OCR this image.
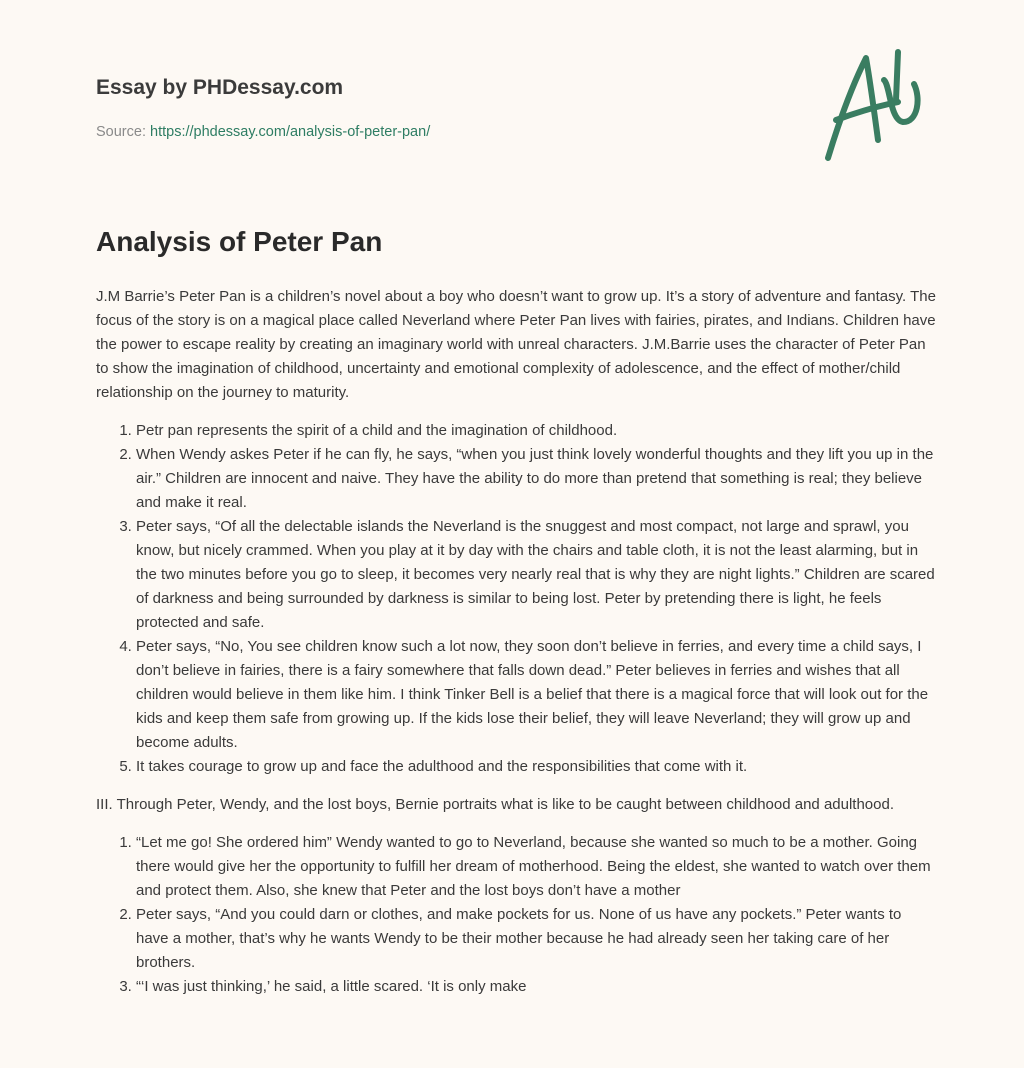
Essay by PHDessay.com
Source: https://phdessay.com/analysis-of-peter-pan/
Analysis of Peter Pan

J.M Barrie’s Peter Pan is a children’s novel about a boy who doesn’t want to grow up. It’s a story of adventure and fantasy. The focus of the story is on a magical place called Neverland where Peter Pan lives with fairies, pirates, and Indians. Children have the power to escape reality by creating an imaginary world with unreal characters. J.M.Barrie uses the character of Peter Pan to show the imagination of childhood, uncertainty and emotional complexity of adolescence, and the effect of mother/child relationship on the journey to maturity.

1. Petr pan represents the spirit of a child and the imagination of childhood.
2. When Wendy askes Peter if he can fly, he says, “when you just think lovely wonderful thoughts and they lift you up in the air.” Children are innocent and naive. They have the ability to do more than pretend that something is real; they believe and make it real.
3. Peter says, “Of all the delectable islands the Neverland is the snuggest and most compact, not large and sprawl, you know, but nicely crammed. When you play at it by day with the chairs and table cloth, it is not the least alarming, but in the two minutes before you go to sleep, it becomes very nearly real that is why they are night lights.” Children are scared of darkness and being surrounded by darkness is similar to being lost. Peter by pretending there is light, he feels protected and safe.
4. Peter says, “No, You see children know such a lot now, they soon don’t believe in ferries, and every time a child says, I don’t believe in fairies, there is a fairy somewhere that falls down dead.” Peter believes in ferries and wishes that all children would believe in them like him. I think Tinker Bell is a belief that there is a magical force that will look out for the kids and keep them safe from growing up. If the kids lose their belief, they will leave Neverland; they will grow up and become adults.
5. It takes courage to grow up and face the adulthood and the responsibilities that come with it.

III. Through Peter, Wendy, and the lost boys, Bernie portraits what is like to be caught between childhood and adulthood.

1. “Let me go! She ordered him” Wendy wanted to go to Neverland, because she wanted so much to be a mother. Going there would give her the opportunity to fulfill her dream of motherhood. Being the eldest, she wanted to watch over them and protect them. Also, she knew that Peter and the lost boys don’t have a mother
2. Peter says, “And you could darn or clothes, and make pockets for us. None of us have any pockets.” Peter wants to have a mother, that’s why he wants Wendy to be their mother because he had already seen her taking care of her brothers.
3. “‘I was just thinking,’ he said, a little scared. ‘It is only make
